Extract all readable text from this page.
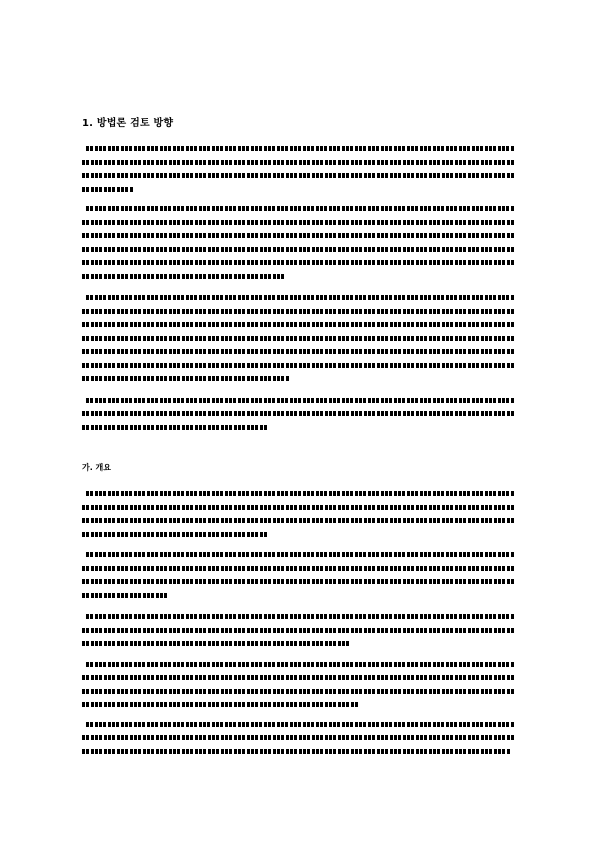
1. 방법론 검토 방향
가. 개요
